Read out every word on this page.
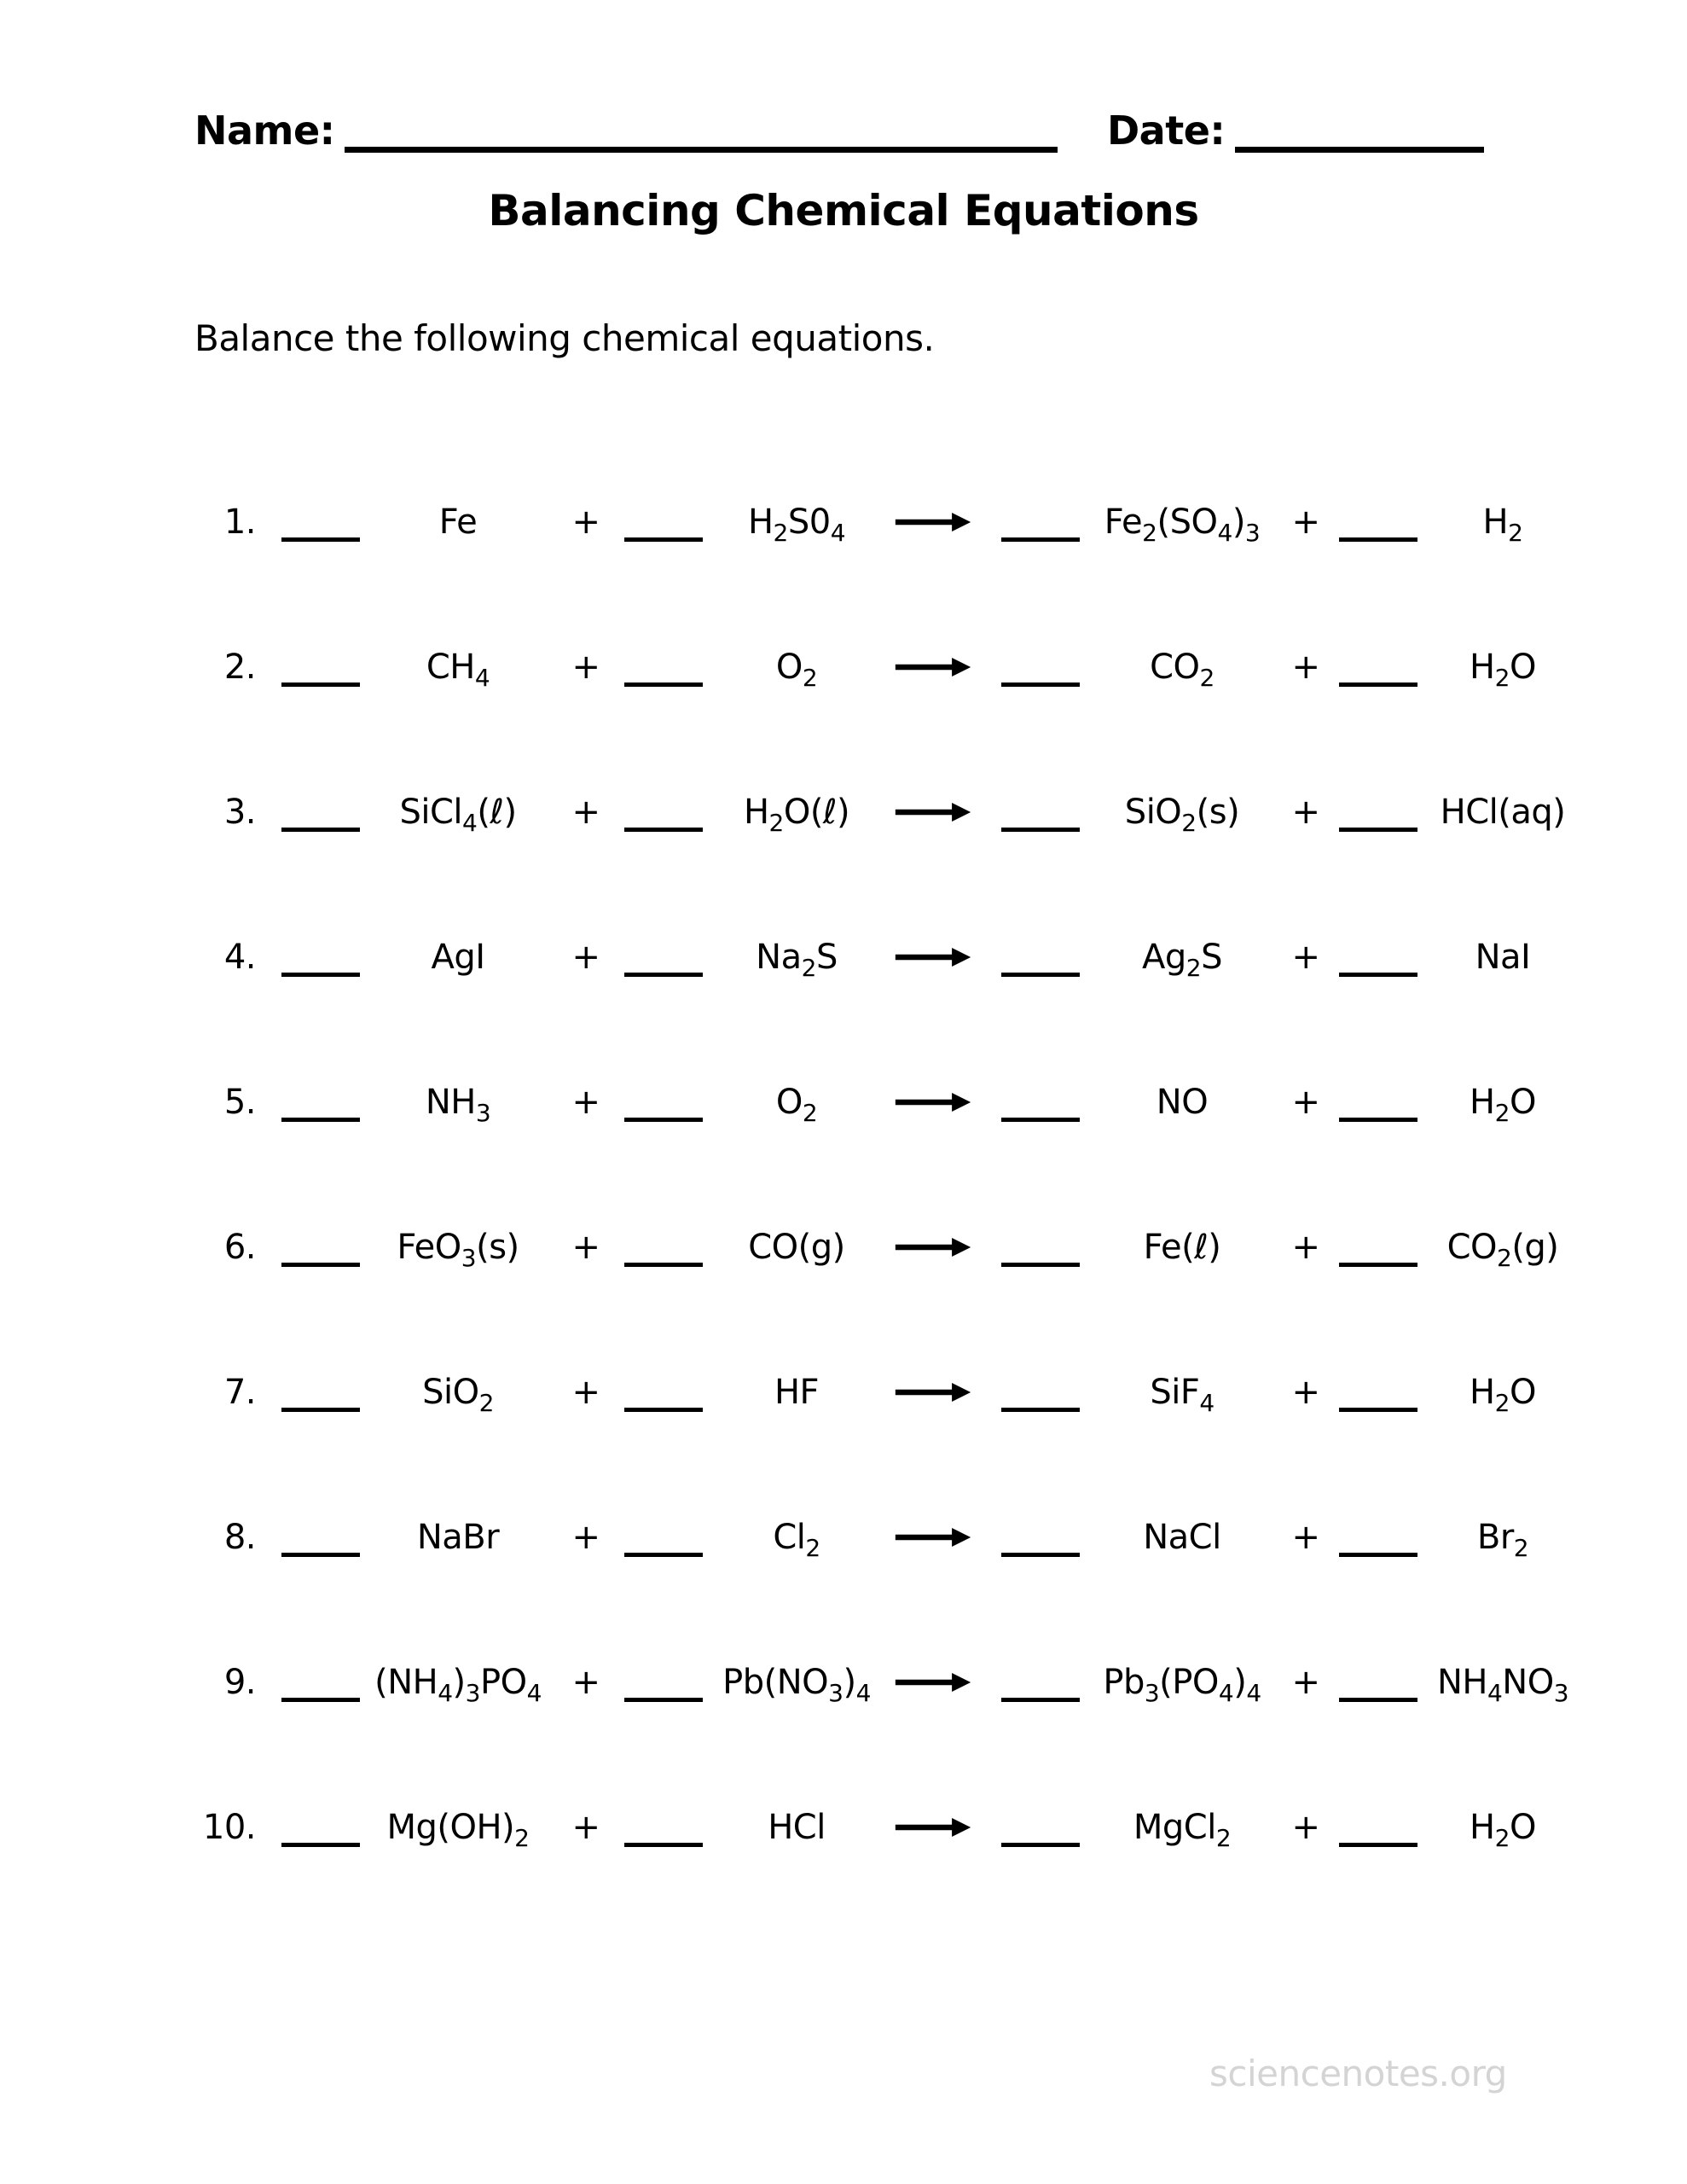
Name:	Date:
Balancing Chemical Equations
Balance the following chemical equations.
1.	Fe	+	$H_2S0_4$	→	$Fe_2(SO_4)_3$ +	$H_2$
2.	$CH_4$	+	$O_2$	$CO_2$	+	$H_2O$
3.	SiCl$_4$(ℓ)	+	$H_2O(\ell)$	→	SiO$_2$(s)	+	HCl(aq)
4.	AgI	+	$Na_2S$	$Ag_2S$	+	NaI
5.	$NH_3$	+	$O_2$	NO	+	$H_2O$
6.	FeO$_3$(s)	+	CO(g)	→	Fe(ℓ)	+	$CO_2(g)$
7.	SiO$_2$	+	HF	SiF$_4$	+	$H_2O$
8.	NaBr	+	$Cl_2$	NaCl	+	$Br_2$
9.	$(NH_4)_3PO_4$ +	$Pb(NO_3)_4$ →	$Pb_3(PO_4)_4$ +	$NH_4NO_3$
10.	$Mg(OH)_2$	+	HCl	MgCl$_2$	+	$H_2O$
sciencenotes.org
